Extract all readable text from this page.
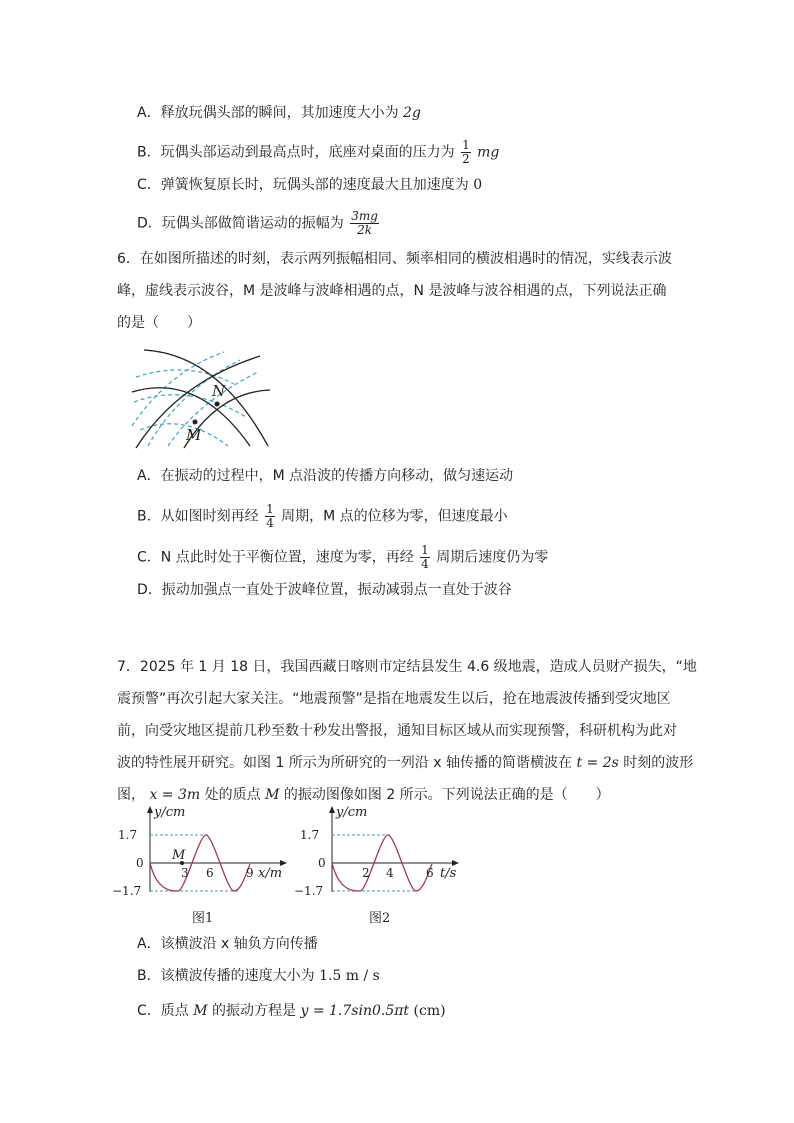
A．释放玩偶头部的瞬间，其加速度大小为 2g
B．玩偶头部运动到最高点时，底座对桌面的压力为 $\frac{1}{2}$ mg
C．弹簧恢复原长时，玩偶头部的速度最大且加速度为 0
D．玩偶头部做简谐运动的振幅为 $\frac{3mg}{2k}$
6．在如图所描述的时刻，表示两列振幅相同、频率相同的横波相遇时的情况，实线表示波
峰，虚线表示波谷，M 是波峰与波峰相遇的点，N 是波峰与波谷相遇的点，下列说法正确
的是（　　）
N
M
A．在振动的过程中，M 点沿波的传播方向移动，做匀速运动
B．从如图时刻再经 $\frac{1}{4}$ 周期，M 点的位移为零，但速度最小
C．N 点此时处于平衡位置，速度为零，再经 $\frac{1}{4}$ 周期后速度仍为零
D．振动加强点一直处于波峰位置，振动减弱点一直处于波谷
7．2025 年 1 月 18 日，我国西藏日喀则市定结县发生 4.6 级地震，造成人员财产损失，“地
震预警”再次引起大家关注。“地震预警”是指在地震发生以后，抢在地震波传播到受灾地区
前，向受灾地区提前几秒至数十秒发出警报，通知目标区域从而实现预警，科研机构为此对
波的特性展开研究。如图 1 所示为所研究的一列沿 x 轴传播的简谐横波在 t = 2s 时刻的波形
图， x = 3m 处的质点 M 的振动图像如图 2 所示。下列说法正确的是（　　）
y/cm
1.7
0
−1.7
M
3 6	9 x/m
图1
y/cm
1.7
0
−1.7
2 4	6 t/s
图2
A．该横波沿 x 轴负方向传播
B．该横波传播的速度大小为 1.5 m / s
C．质点 M 的振动方程是 y = 1.7sin0.5πt (cm)
